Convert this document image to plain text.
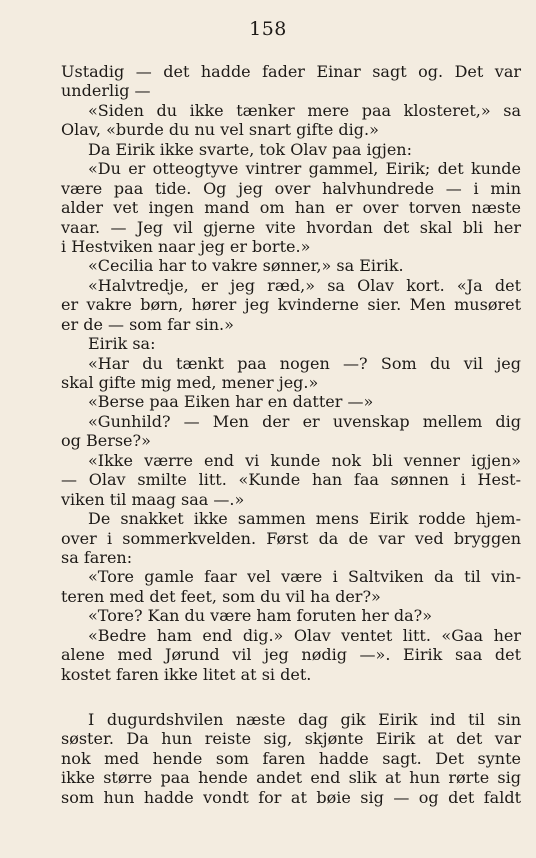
158
Ustadig — det hadde fader Einar sagt og. Det var
underlig —
«Siden du ikke tænker mere paa klosteret,» sa
Olav, «burde du nu vel snart gifte dig.»
Da Eirik ikke svarte, tok Olav paa igjen:
«Du er otteogtyve vintrer gammel, Eirik; det kunde
være paa tide. Og jeg over halvhundrede — i min
alder vet ingen mand om han er over torven næste
vaar. — Jeg vil gjerne vite hvordan det skal bli her
i Hestviken naar jeg er borte.»
«Cecilia har to vakre sønner,» sa Eirik.
«Halvtredje, er jeg ræd,» sa Olav kort. «Ja det
er vakre børn, hører jeg kvinderne sier. Men musøret
er de — som far sin.»
Eirik sa:
«Har du tænkt paa nogen —? Som du vil jeg
skal gifte mig med, mener jeg.»
«Berse paa Eiken har en datter —»
«Gunhild? — Men der er uvenskap mellem dig
og Berse?»
«Ikke værre end vi kunde nok bli venner igjen»
— Olav smilte litt. «Kunde han faa sønnen i Hest-
viken til maag saa —.»
De snakket ikke sammen mens Eirik rodde hjem-
over i sommerkvelden. Først da de var ved bryggen
sa faren:
«Tore gamle faar vel være i Saltviken da til vin-
teren med det feet, som du vil ha der?»
«Tore? Kan du være ham foruten her da?»
«Bedre ham end dig.» Olav ventet litt. «Gaa her
alene med Jørund vil jeg nødig —». Eirik saa det
kostet faren ikke litet at si det.
I dugurdshvilen næste dag gik Eirik ind til sin
søster. Da hun reiste sig, skjønte Eirik at det var
nok med hende som faren hadde sagt. Det synte
ikke større paa hende andet end slik at hun rørte sig
som hun hadde vondt for at bøie sig — og det faldt
